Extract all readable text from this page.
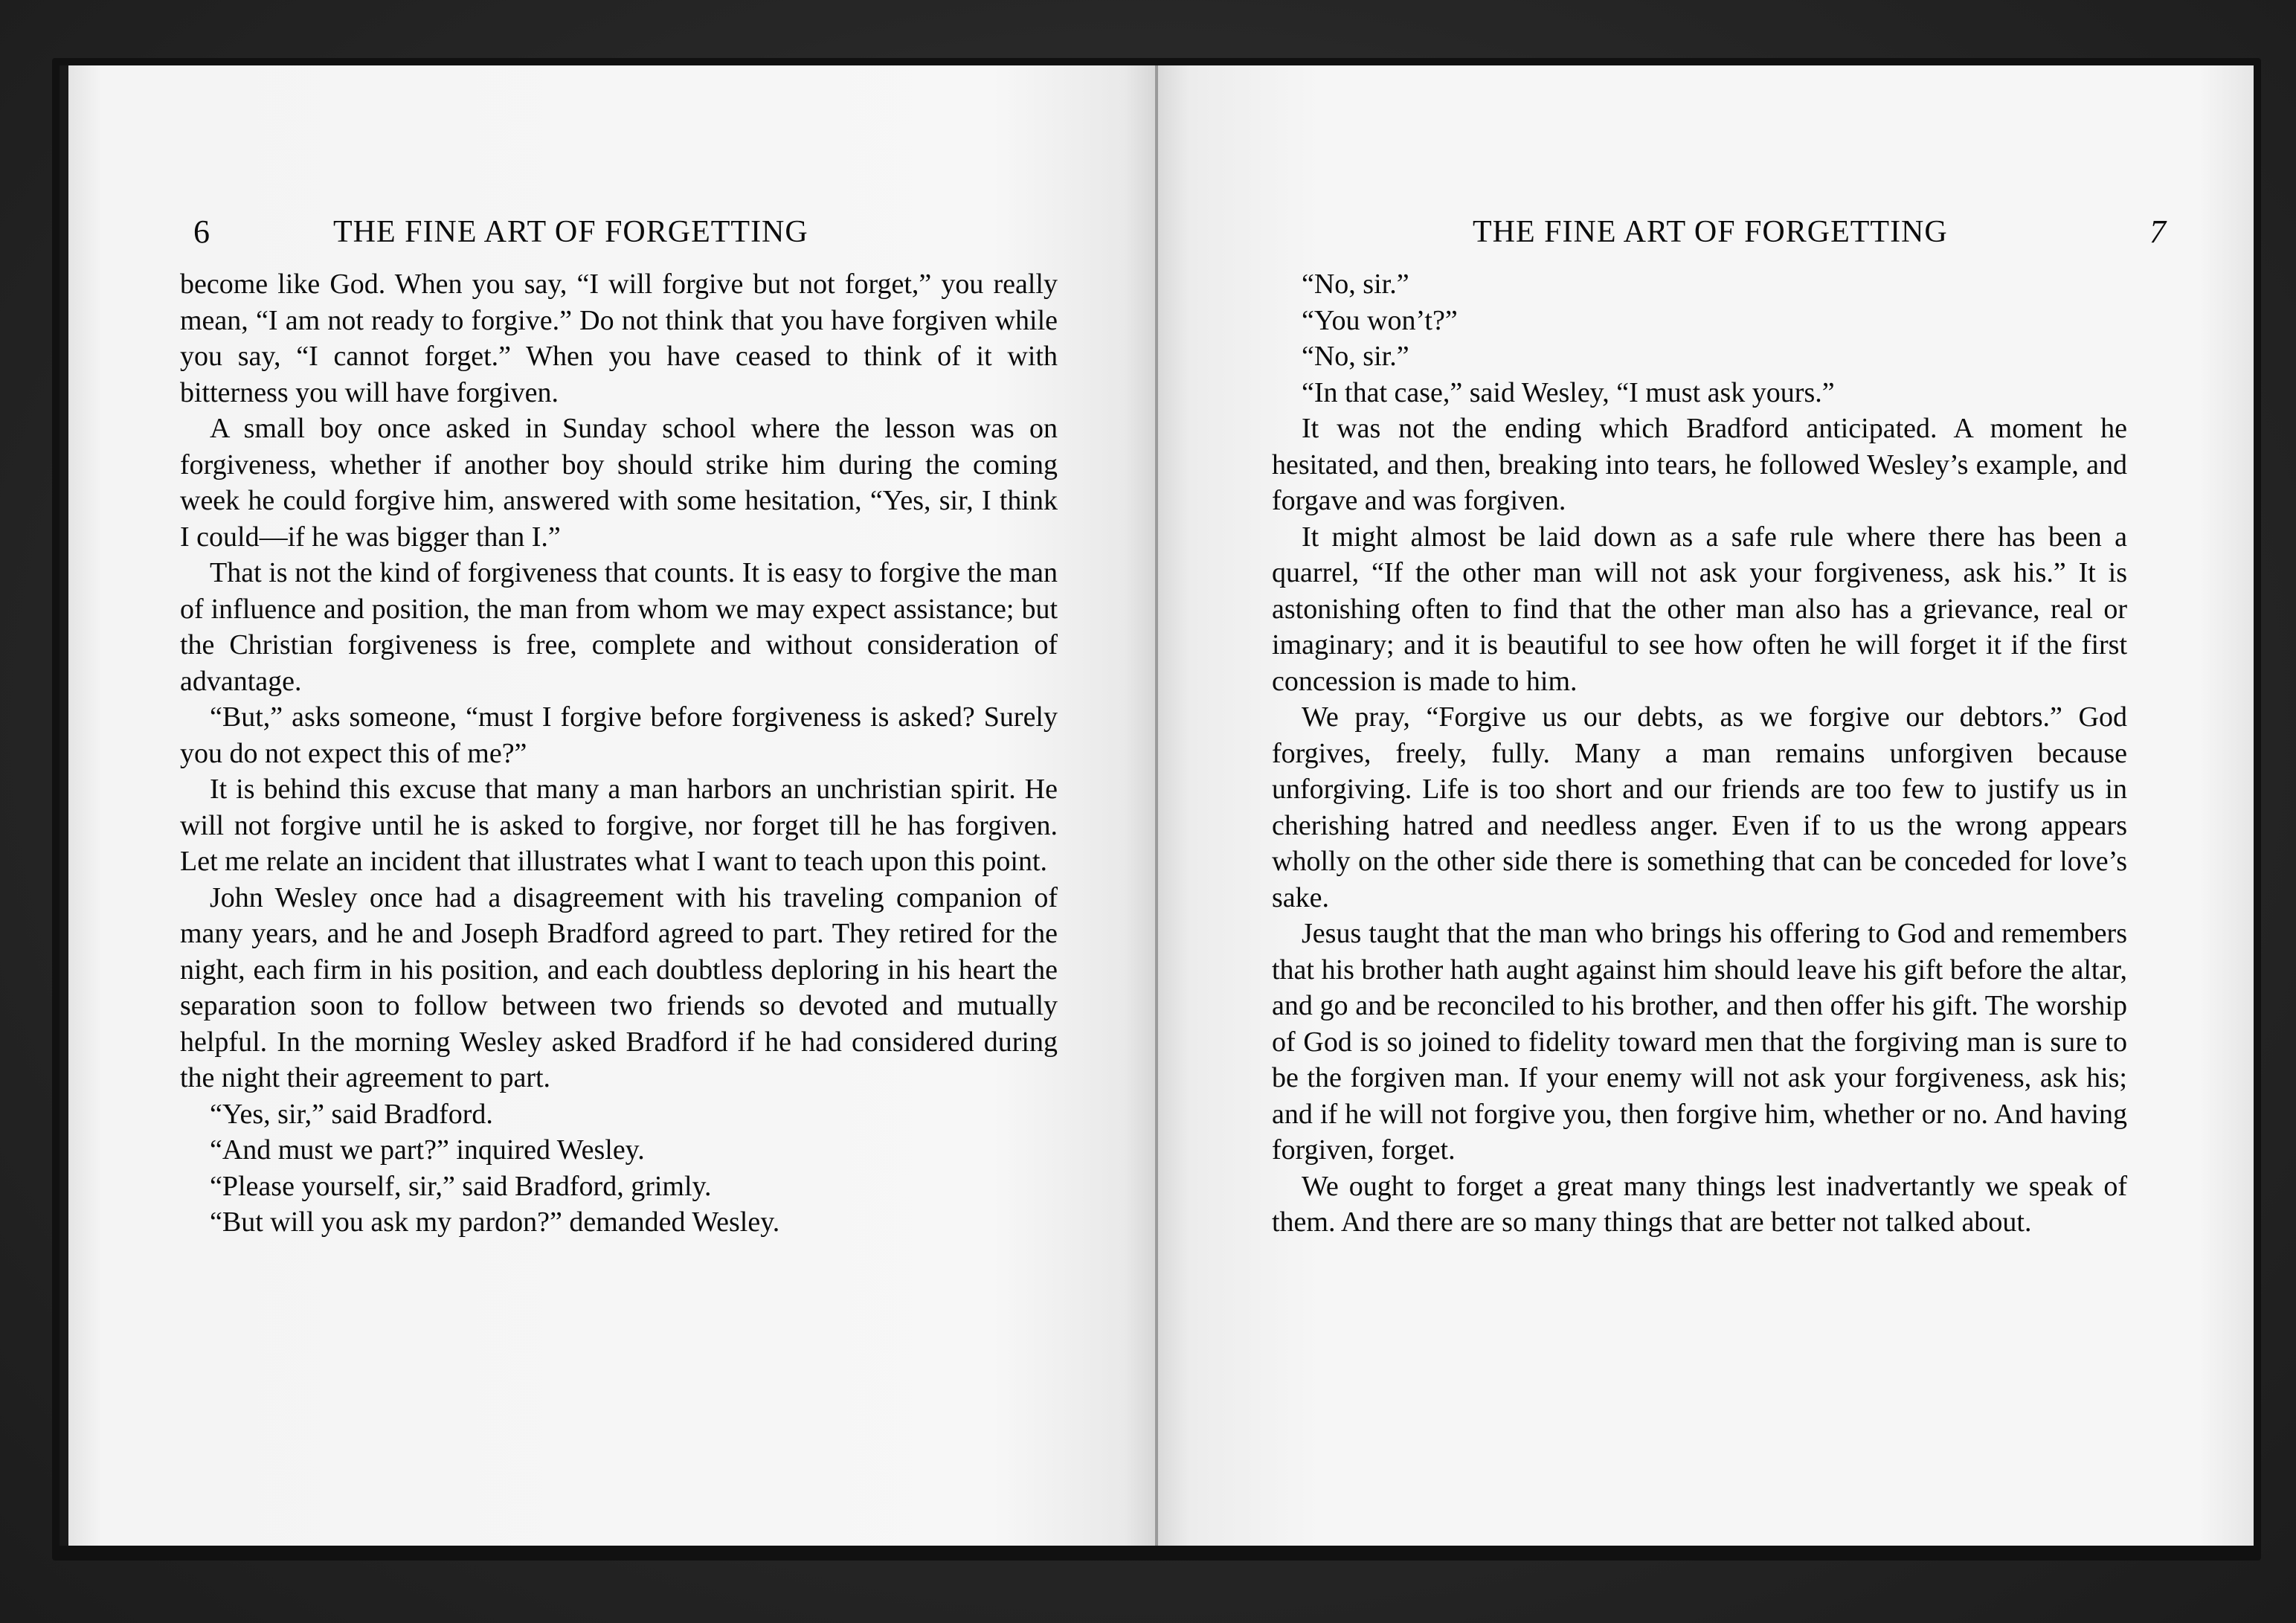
6	THE FINE ART OF FORGETTING

become like God. When you say, “I will forgive but not forget,” you really mean, “I am not ready to forgive.” Do not think that you have forgiven while you say, “I cannot forget.” When you have ceased to think of it with bitterness you will have forgiven.

A small boy once asked in Sunday school where the lesson was on forgiveness, whether if another boy should strike him during the coming week he could forgive him, answered with some hesitation, “Yes, sir, I think I could—if he was bigger than I.”

That is not the kind of forgiveness that counts. It is easy to forgive the man of influence and position, the man from whom we may expect assistance; but the Christian forgiveness is free, complete and without consideration of advantage.

“But,” asks someone, “must I forgive before forgiveness is asked? Surely you do not expect this of me?”

It is behind this excuse that many a man harbors an unchristian spirit. He will not forgive until he is asked to forgive, nor forget till he has forgiven. Let me relate an incident that illustrates what I want to teach upon this point.

John Wesley once had a disagreement with his traveling companion of many years, and he and Joseph Bradford agreed to part. They retired for the night, each firm in his position, and each doubtless deploring in his heart the separation soon to follow between two friends so devoted and mutually helpful. In the morning Wesley asked Bradford if he had considered during the night their agreement to part.

“Yes, sir,” said Bradford.

“And must we part?” inquired Wesley.

“Please yourself, sir,” said Bradford, grimly.

“But will you ask my pardon?” demanded Wesley.

THE FINE ART OF FORGETTING	7

“No, sir.”

“You won’t?”

“No, sir.”

“In that case,” said Wesley, “I must ask yours.”

It was not the ending which Bradford anticipated. A moment he hesitated, and then, breaking into tears, he followed Wesley’s example, and forgave and was forgiven.

It might almost be laid down as a safe rule where there has been a quarrel, “If the other man will not ask your forgiveness, ask his.” It is astonishing often to find that the other man also has a grievance, real or imaginary; and it is beautiful to see how often he will forget it if the first concession is made to him.

We pray, “Forgive us our debts, as we forgive our debtors.” God forgives, freely, fully. Many a man remains unforgiven because unforgiving. Life is too short and our friends are too few to justify us in cherishing hatred and needless anger. Even if to us the wrong appears wholly on the other side there is something that can be conceded for love’s sake.

Jesus taught that the man who brings his offering to God and remembers that his brother hath aught against him should leave his gift before the altar, and go and be reconciled to his brother, and then offer his gift. The worship of God is so joined to fidelity toward men that the forgiving man is sure to be the forgiven man. If your enemy will not ask your forgiveness, ask his; and if he will not forgive you, then forgive him, whether or no. And having forgiven, forget.

We ought to forget a great many things lest inadvertantly we speak of them. And there are so many things that are better not talked about.
